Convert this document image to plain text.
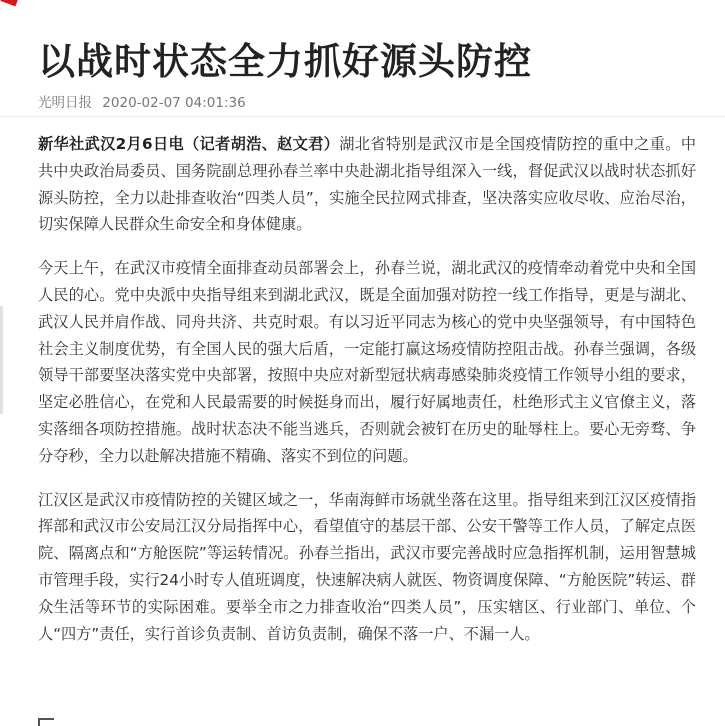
以战时状态全力抓好源头防控
光明日报 2020-02-07 04:01:36

新华社武汉2月6日电（记者胡浩、赵文君）湖北省特别是武汉市是全国疫情防控的重中之重。中共中央政治局委员、国务院副总理孙春兰率中央赴湖北指导组深入一线，督促武汉以战时状态抓好源头防控，全力以赴排查收治“四类人员”，实施全民拉网式排查，坚决落实应收尽收、应治尽治，切实保障人民群众生命安全和身体健康。

今天上午，在武汉市疫情全面排查动员部署会上，孙春兰说，湖北武汉的疫情牵动着党中央和全国人民的心。党中央派中央指导组来到湖北武汉，既是全面加强对防控一线工作指导，更是与湖北、武汉人民并肩作战、同舟共济、共克时艰。有以习近平同志为核心的党中央坚强领导，有中国特色社会主义制度优势，有全国人民的强大后盾，一定能打赢这场疫情防控阻击战。孙春兰强调，各级领导干部要坚决落实党中央部署，按照中央应对新型冠状病毒感染肺炎疫情工作领导小组的要求，坚定必胜信心，在党和人民最需要的时候挺身而出，履行好属地责任，杜绝形式主义官僚主义，落实落细各项防控措施。战时状态决不能当逃兵，否则就会被钉在历史的耻辱柱上。要心无旁骛、争分夺秒，全力以赴解决措施不精确、落实不到位的问题。

江汉区是武汉市疫情防控的关键区域之一，华南海鲜市场就坐落在这里。指导组来到江汉区疫情指挥部和武汉市公安局江汉分局指挥中心，看望值守的基层干部、公安干警等工作人员，了解定点医院、隔离点和“方舱医院”等运转情况。孙春兰指出，武汉市要完善战时应急指挥机制，运用智慧城市管理手段，实行24小时专人值班调度，快速解决病人就医、物资调度保障、“方舱医院”转运、群众生活等环节的实际困难。要举全市之力排查收治“四类人员”，压实辖区、行业部门、单位、个人“四方”责任，实行首诊负责制、首访负责制，确保不落一户、不漏一人。
